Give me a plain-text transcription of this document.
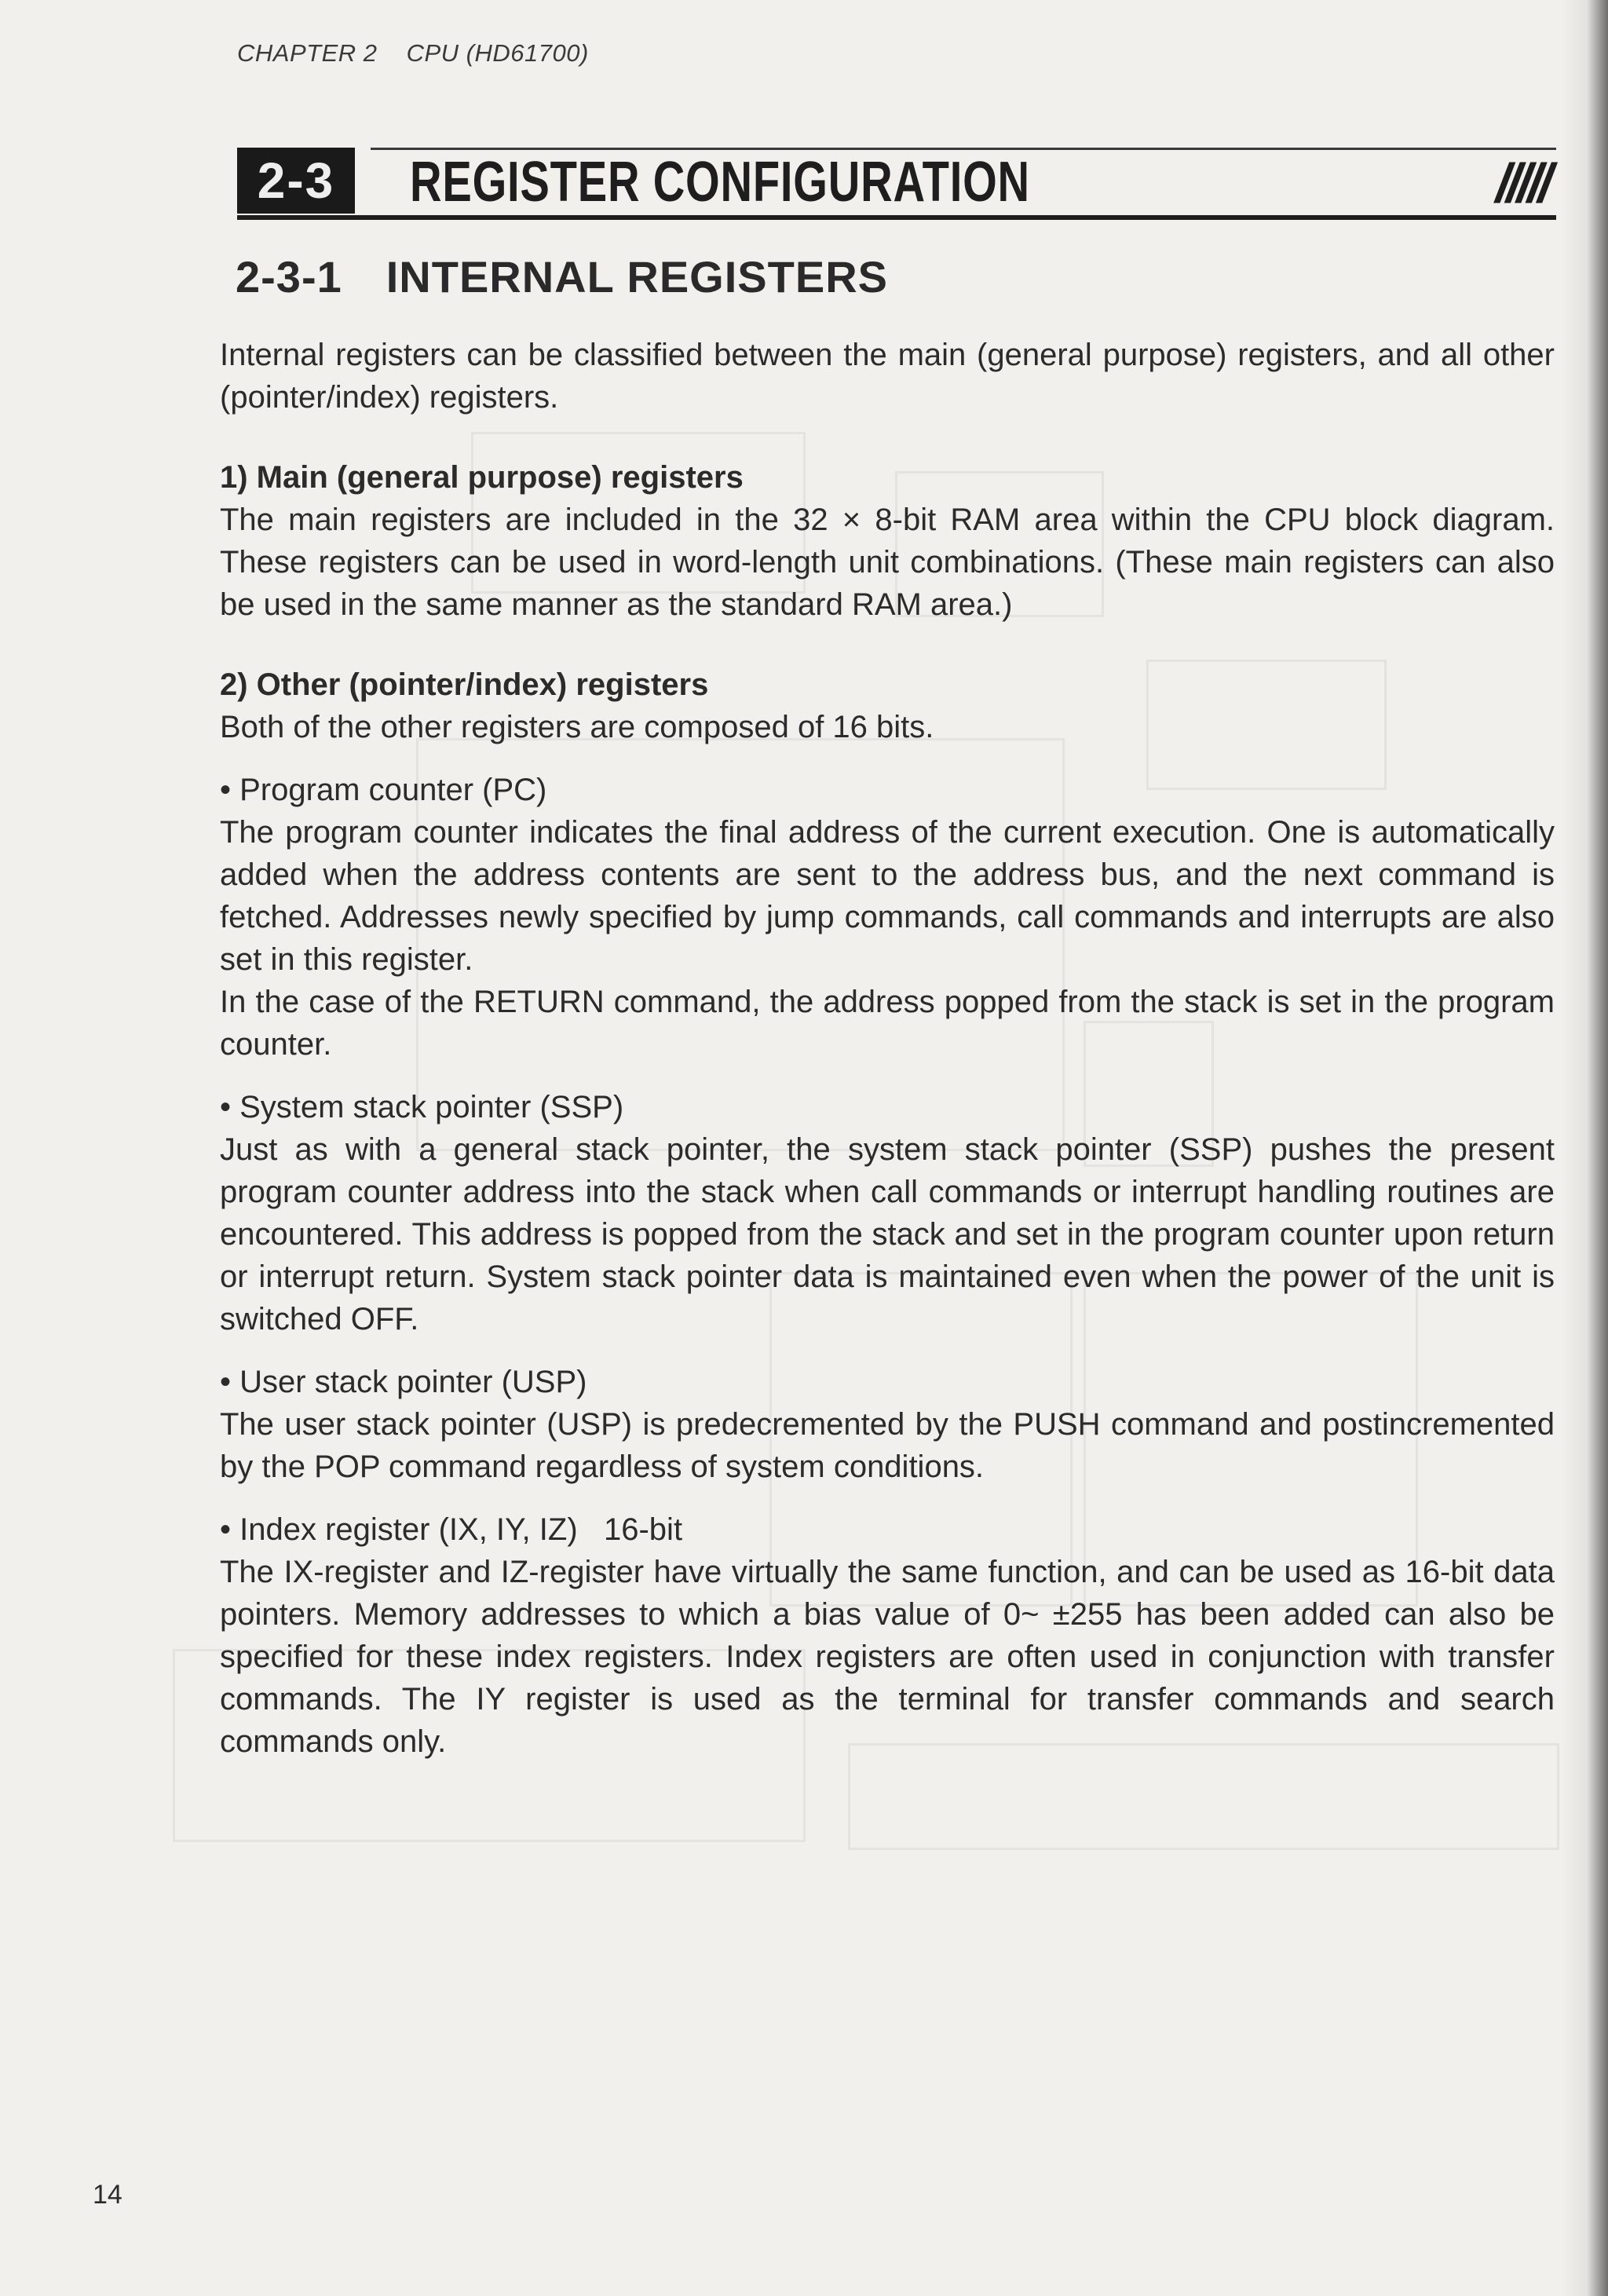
CHAPTER 2 CPU (HD61700)
2-3	REGISTER CONFIGURATION	/////
2-3-1 INTERNAL REGISTERS

Internal registers can be classified between the main (general purpose) registers, and all other (pointer/index) registers.

1) Main (general purpose) registers

The main registers are included in the 32 × 8-bit RAM area within the CPU block diagram. These registers can be used in word-length unit combinations. (These main registers can also be used in the same manner as the standard RAM area.)

2) Other (pointer/index) registers

Both of the other registers are composed of 16 bits.

• Program counter (PC)

The program counter indicates the final address of the current execution. One is automatically added when the address contents are sent to the address bus, and the next command is fetched. Addresses newly specified by jump commands, call commands and interrupts are also set in this register.

In the case of the RETURN command, the address popped from the stack is set in the program counter.

• System stack pointer (SSP)

Just as with a general stack pointer, the system stack pointer (SSP) pushes the present program counter address into the stack when call commands or interrupt handling routines are encountered. This address is popped from the stack and set in the program counter upon return or interrupt return. System stack pointer data is maintained even when the power of the unit is switched OFF.

• User stack pointer (USP)

The user stack pointer (USP) is predecremented by the PUSH command and postincremented by the POP command regardless of system conditions.

• Index register (IX, IY, IZ)   16-bit

The IX-register and IZ-register have virtually the same function, and can be used as 16-bit data pointers. Memory addresses to which a bias value of 0~ ±255 has been added can also be specified for these index registers. Index registers are often used in conjunction with transfer commands. The IY register is used as the terminal for transfer commands and search commands only.

14
